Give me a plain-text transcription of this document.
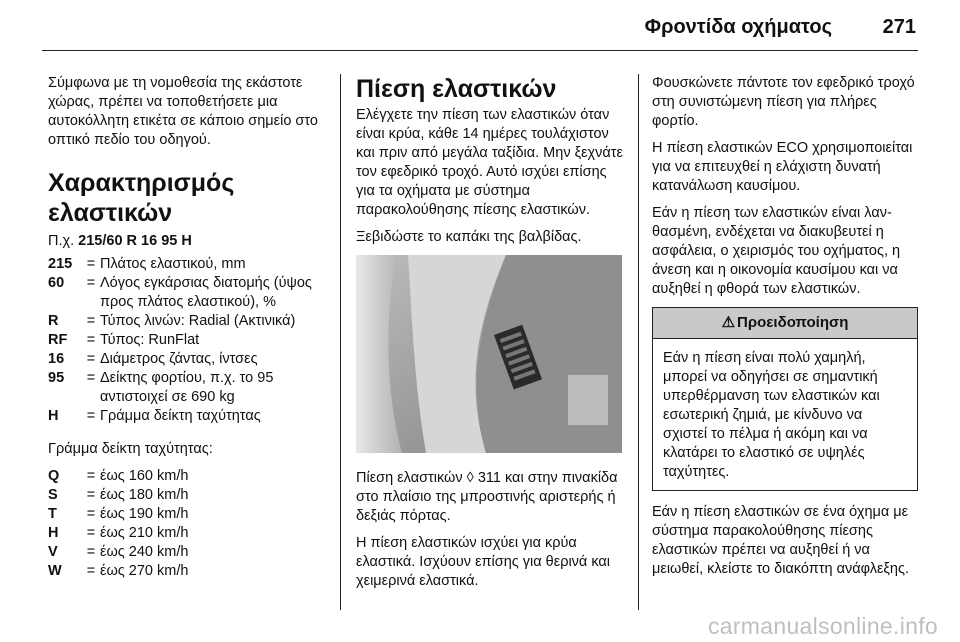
Φροντίδα οχήματος	271

Σύμφωνα με τη νομοθεσία της εκάστοτε χώρας, πρέπει να τοποθετήσετε μια αυτοκόλλητη ετικέτα σε κάποιο σημείο στο οπτικό πεδίο του οδηγού.

Χαρακτηρισμός ελαστικών
Π.χ. 215/60 R 16 95 H
215	=	Πλάτος ελαστικού, mm
60	=	Λόγος εγκάρσιας διατομής (ύψος προς πλάτος ελαστικού), %
R	=	Τύπος λινών: Radial (Ακτινικά)
RF	=	Τύπος: RunFlat
16	=	Διάμετρος ζάντας, ίντσες
95	=	Δείκτης φορτίου, π.χ. το 95 αντιστοιχεί σε 690 kg
H	=	Γράμμα δείκτη ταχύτητας

Γράμμα δείκτη ταχύτητας:

Q	=	έως 160 km/h
S	=	έως 180 km/h
T	=	έως 190 km/h
H	=	έως 210 km/h
V	=	έως 240 km/h
W	=	έως 270 km/h
Πίεση ελαστικών

Ελέγχετε την πίεση των ελαστικών όταν είναι κρύα, κάθε 14 ημέρες τουλάχιστον και πριν από μεγάλα ταξίδια. Μην ξεχνάτε τον εφεδρικό τροχό. Αυτό ισχύει επίσης για τα οχήματα με σύστημα παρακολούθησης πίεσης ελαστικών.

Ξεβιδώστε το καπάκι της βαλβίδας.

Πίεση ελαστικών ◊ 311 και στην πινακίδα στο πλαίσιο της μπροστινής αριστερής ή δεξιάς πόρτας.

Η πίεση ελαστικών ισχύει για κρύα ελαστικά. Ισχύουν επίσης για θερινά και χειμερινά ελαστικά.

Φουσκώνετε πάντοτε τον εφεδρικό τροχό στη συνιστώμενη πίεση για πλήρες φορτίο.

Η πίεση ελαστικών ECO χρησιμοποιείται για να επιτευχθεί η ελάχιστη δυνατή κατανάλωση καυσίμου.

Εάν η πίεση των ελαστικών είναι λανθασμένη, ενδέχεται να διακυβευτεί η ασφάλεια, ο χειρισμός του οχήματος, η άνεση και η οικονομία καυσίμου και να αυξηθεί η φθορά των ελαστικών.

⚠ Προειδοποίηση
Εάν η πίεση είναι πολύ χαμηλή, μπορεί να οδηγήσει σε σημαντική υπερθέρμανση των ελαστικών και εσωτερική ζημιά, με κίνδυνο να σχιστεί το πέλμα ή ακόμη και να κλατάρει το ελαστικό σε υψηλές ταχύτητες.

Εάν η πίεση ελαστικών σε ένα όχημα με σύστημα παρακολούθησης πίεσης ελαστικών πρέπει να αυξηθεί ή να μειωθεί, κλείστε το διακόπτη ανάφλεξης.

carmanualsonline.info
